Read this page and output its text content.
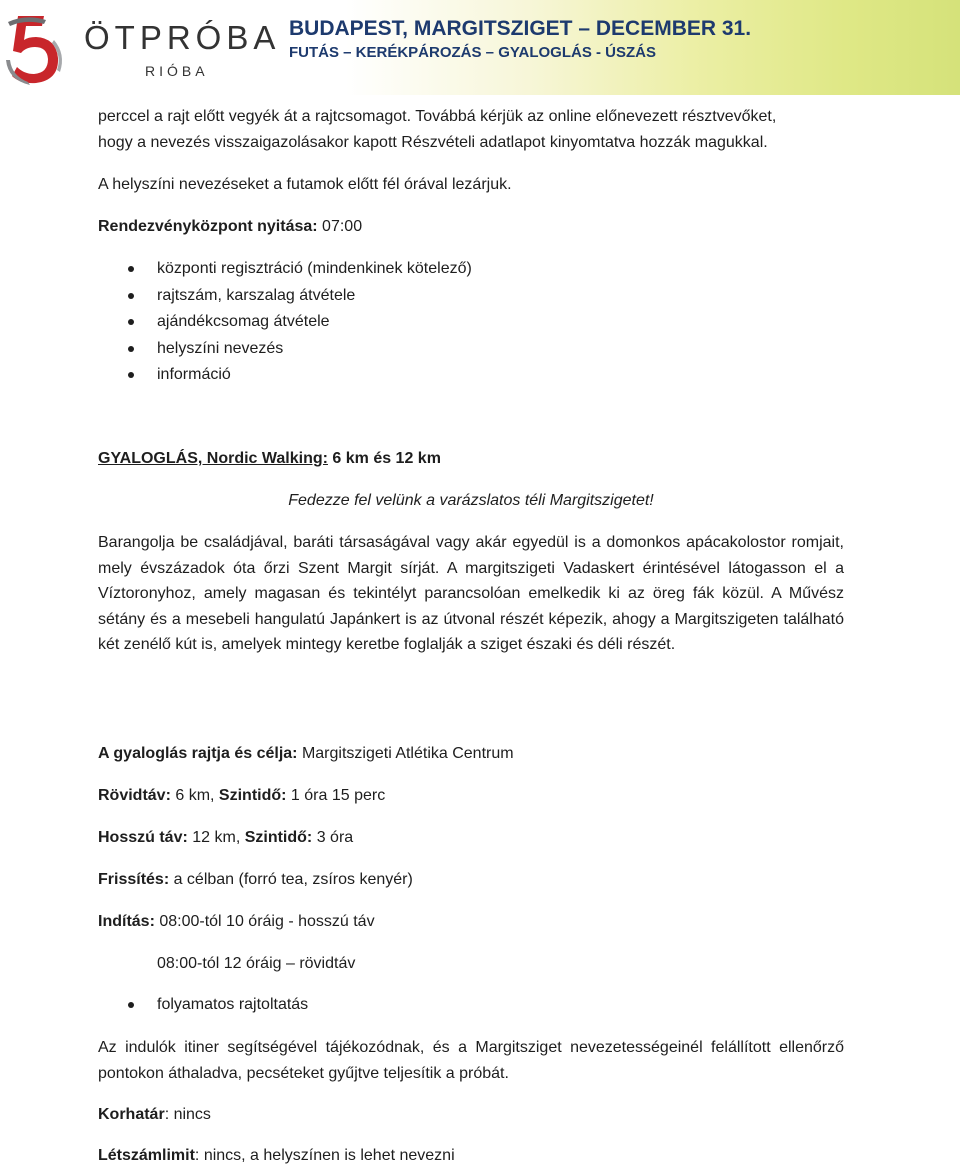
ÖTPRÓBA
RIÓBA
BUDAPEST, MARGITSZIGET – DECEMBER 31.
FUTÁS – KERÉKPÁROZÁS – GYALOGLÁS - ÚSZÁS

perccel a rajt előtt vegyék át a rajtcsomagot. Továbbá kérjük az online előnevezett résztvevőket,

hogy a nevezés visszaigazolásakor kapott Részvételi adatlapot kinyomtatva hozzák magukkal.

A helyszíni nevezéseket a futamok előtt fél órával lezárjuk.

Rendezvényközpont nyitása: 07:00

központi regisztráció (mindenkinek kötelező)
rajtszám, karszalag átvétele
ajándékcsomag átvétele
helyszíni nevezés
információ

GYALOGLÁS, Nordic Walking: 6 km és 12 km

Fedezze fel velünk a varázslatos téli Margitszigetet!

Barangolja be családjával, baráti társaságával vagy akár egyedül is a domonkos apácakolostor romjait, mely évszázadok óta őrzi Szent Margit sírját. A margitszigeti Vadaskert érintésével látogasson el a Víztoronyhoz, amely magasan és tekintélyt parancsolóan emelkedik ki az öreg fák közül. A Művész sétány és a mesebeli hangulatú Japánkert is az útvonal részét képezik, ahogy a Margitszigeten található két zenélő kút is, amelyek mintegy keretbe foglalják a sziget északi és déli részét.

A gyaloglás rajtja és célja: Margitszigeti Atlétika Centrum

Rövidtáv: 6 km, Szintidő: 1 óra 15 perc

Hosszú táv: 12 km, Szintidő: 3 óra

Frissítés: a célban (forró tea, zsíros kenyér)

Indítás: 08:00-tól 10 óráig - hosszú táv

08:00-tól 12 óráig – rövidtáv

folyamatos rajtoltatás

Az indulók itiner segítségével tájékozódnak, és a Margitsziget nevezetességeinél felállított ellenőrző pontokon áthaladva, pecséteket gyűjtve teljesítik a próbát.

Korhatár: nincs

Létszámlimit: nincs, a helyszínen is lehet nevezni
